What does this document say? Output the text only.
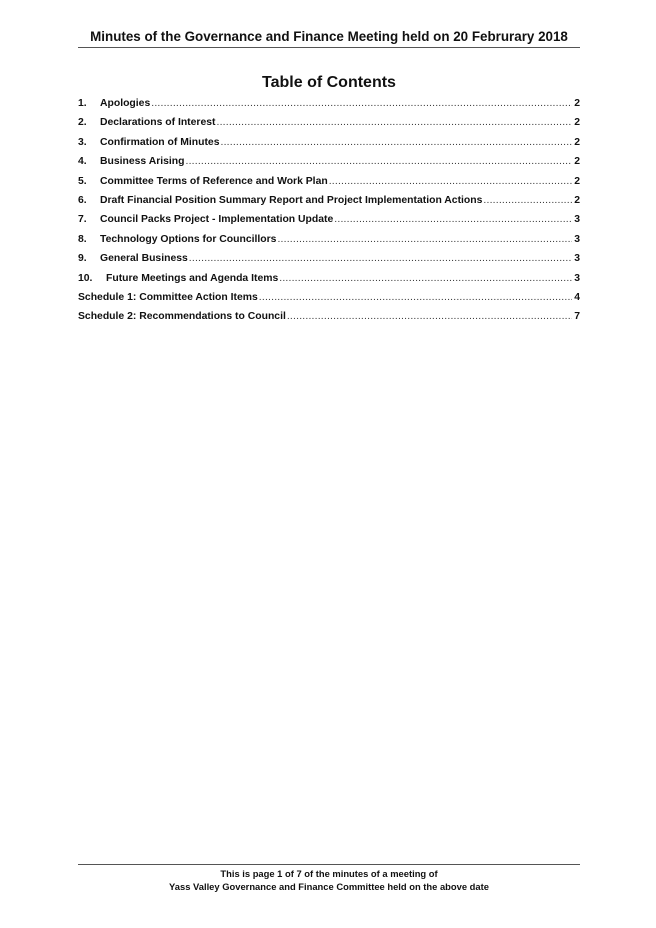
Minutes of the Governance and Finance Meeting held on 20 Februrary 2018
Table of Contents
1.	Apologies .....	2
2.	Declarations of Interest .....	2
3.	Confirmation of Minutes .....	2
4.	Business Arising .....	2
5.	Committee Terms of Reference and Work Plan .....	2
6.	Draft Financial Position Summary Report and Project Implementation Actions .....	2
7.	Council Packs Project - Implementation Update .....	3
8.	Technology Options for Councillors .....	3
9.	General Business .....	3
10.	Future Meetings and Agenda Items .....	3
Schedule 1: Committee Action Items .....	4
Schedule 2: Recommendations to Council .....	7
This is page 1 of 7 of the minutes of a meeting of
Yass Valley Governance and Finance Committee held on the above date
